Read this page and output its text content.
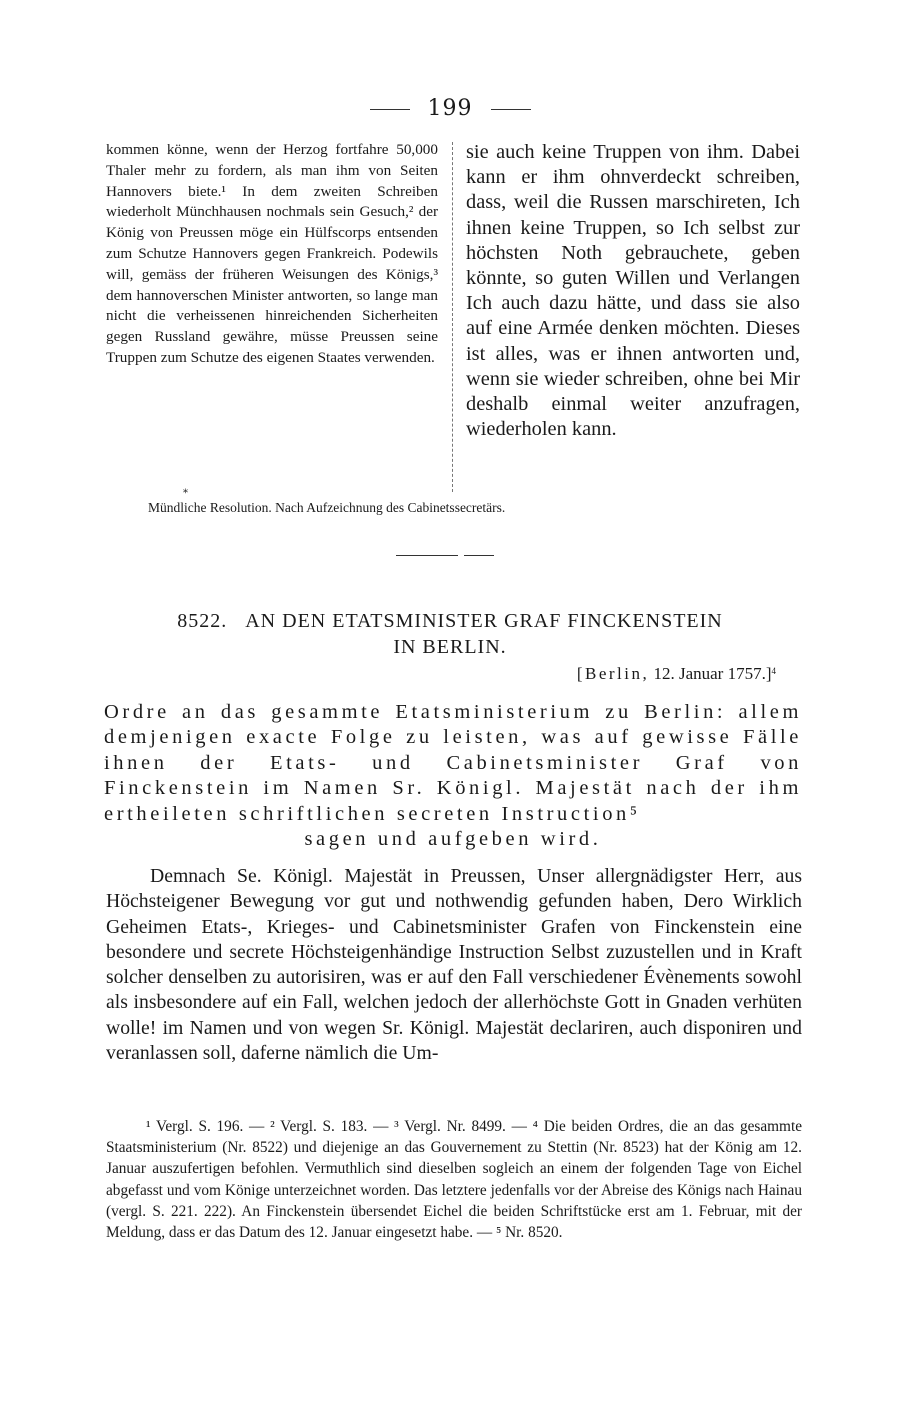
199

kommen könne, wenn der Herzog fortfahre 50,000 Thaler mehr zu fordern, als man ihm von Seiten Hannovers biete.¹ In dem zweiten Schreiben wiederholt Münchhausen nochmals sein Gesuch,² der König von Preussen möge ein Hülfscorps entsenden zum Schutze Hannovers gegen Frankreich. Podewils will, gemäss der früheren Weisungen des Königs,³ dem hannoverschen Minister antworten, so lange man nicht die verheissenen hinreichenden Sicherheiten gegen Russland gewähre, müsse Preussen seine Truppen zum Schutze des eigenen Staates verwenden.

sie auch keine Truppen von ihm. Dabei kann er ihm ohnverdeckt schreiben, dass, weil die Russen marschireten, Ich ihnen keine Truppen, so Ich selbst zur höchsten Noth gebrauchete, geben könnte, so guten Willen und Verlangen Ich auch dazu hätte, und dass sie also auf eine Armée denken möchten. Dieses ist alles, was er ihnen antworten und, wenn sie wieder schreiben, ohne bei Mir deshalb einmal weiter anzufragen, wiederholen kann.

*
Mündliche Resolution. Nach Aufzeichnung des Cabinetssecretärs.
8522. AN DEN ETATSMINISTER GRAF FINCKENSTEIN
IN BERLIN.
[Berlin, 12. Januar 1757.]$^4$

Ordre an das gesammte Etatsministerium zu Berlin: allem demjenigen exacte Folge zu leisten, was auf gewisse Fälle ihnen der Etats- und Cabinetsminister Graf von Finckenstein im Namen Sr. Königl. Majestät nach der ihm ertheileten schriftlichen secreten Instruction⁵

sagen und aufgeben wird.

Demnach Se. Königl. Majestät in Preussen, Unser allergnädigster Herr, aus Höchsteigener Bewegung vor gut und nothwendig gefunden haben, Dero Wirklich Geheimen Etats-, Krieges- und Cabinetsminister Grafen von Finckenstein eine besondere und secrete Höchsteigenhändige Instruction Selbst zuzustellen und in Kraft solcher denselben zu autorisiren, was er auf den Fall verschiedener Évènements sowohl als insbesondere auf ein Fall, welchen jedoch der allerhöchste Gott in Gnaden verhüten wolle! im Namen und von wegen Sr. Königl. Majestät declariren, auch disponiren und veranlassen soll, daferne nämlich die Um-

¹ Vergl. S. 196. — ² Vergl. S. 183. — ³ Vergl. Nr. 8499. — ⁴ Die beiden Ordres, die an das gesammte Staatsministerium (Nr. 8522) und diejenige an das Gouvernement zu Stettin (Nr. 8523) hat der König am 12. Januar auszufertigen befohlen. Vermuthlich sind dieselben sogleich an einem der folgenden Tage von Eichel abgefasst und vom Könige unterzeichnet worden. Das letztere jedenfalls vor der Abreise des Königs nach Hainau (vergl. S. 221. 222). An Finckenstein übersendet Eichel die beiden Schriftstücke erst am 1. Februar, mit der Meldung, dass er das Datum des 12. Januar eingesetzt habe. — ⁵ Nr. 8520.
